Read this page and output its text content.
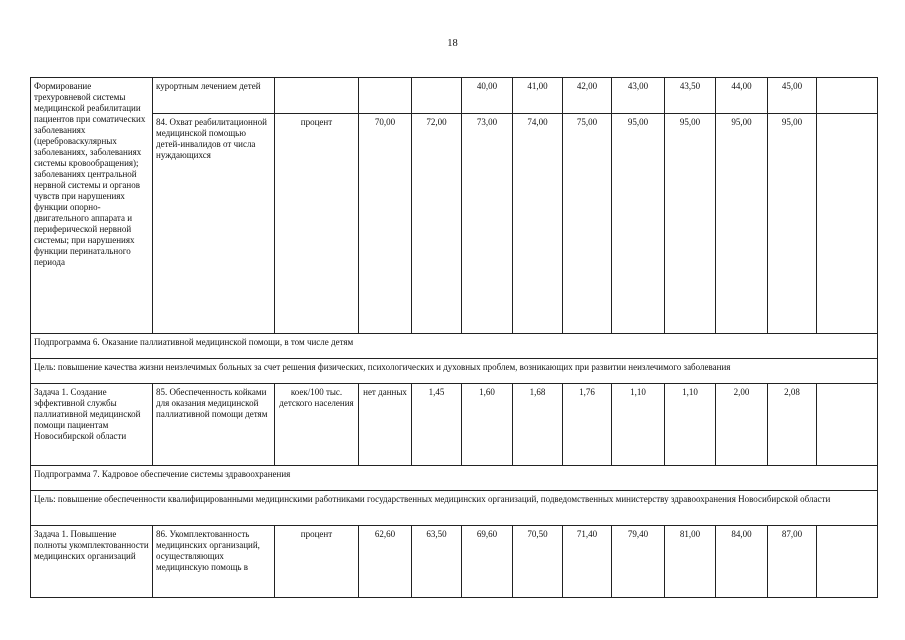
18
Формирование трехуровневой системы медицинской реабилитации пациентов при соматических заболеваниях (цереброваскулярных заболеваниях, заболеваниях системы кровообращения); заболеваниях центральной нервной системы и органов чувств при нарушениях функции опорно-двигательного аппарата и периферической нервной системы; при нарушениях функции перинатального периода	курортным лечением детей				40,00	41,00	42,00	43,00	43,50	44,00	45,00	
	84. Охват реабилитационной медицинской помощью детей-инвалидов от числа нуждающихся	процент	70,00	72,00	73,00	74,00	75,00	95,00	95,00	95,00	95,00	
Подпрограмма 6. Оказание паллиативной медицинской помощи, в том числе детям												
Цель: повышение качества жизни неизлечимых больных за счет решения физических, психологических и духовных проблем, возникающих при развитии неизлечимого заболевания												
Задача 1. Создание эффективной службы паллиативной медицинской помощи пациентам Новосибирской области	85. Обеспеченность койками для оказания медицинской паллиативной помощи детям	коек/100 тыс. детского населения	нет данных	1,45	1,60	1,68	1,76	1,10	1,10	2,00	2,08	
Подпрограмма 7. Кадровое обеспечение системы здравоохранения												
Цель: повышение обеспеченности квалифицированными медицинскими работниками государственных медицинских организаций, подведомственных министерству здравоохранения Новосибирской области												
Задача 1. Повышение полноты укомплектованности медицинских организаций	86. Укомплектованность медицинских организаций, осуществляющих медицинскую помощь в	процент	62,60	63,50	69,60	70,50	71,40	79,40	81,00	84,00	87,00	
